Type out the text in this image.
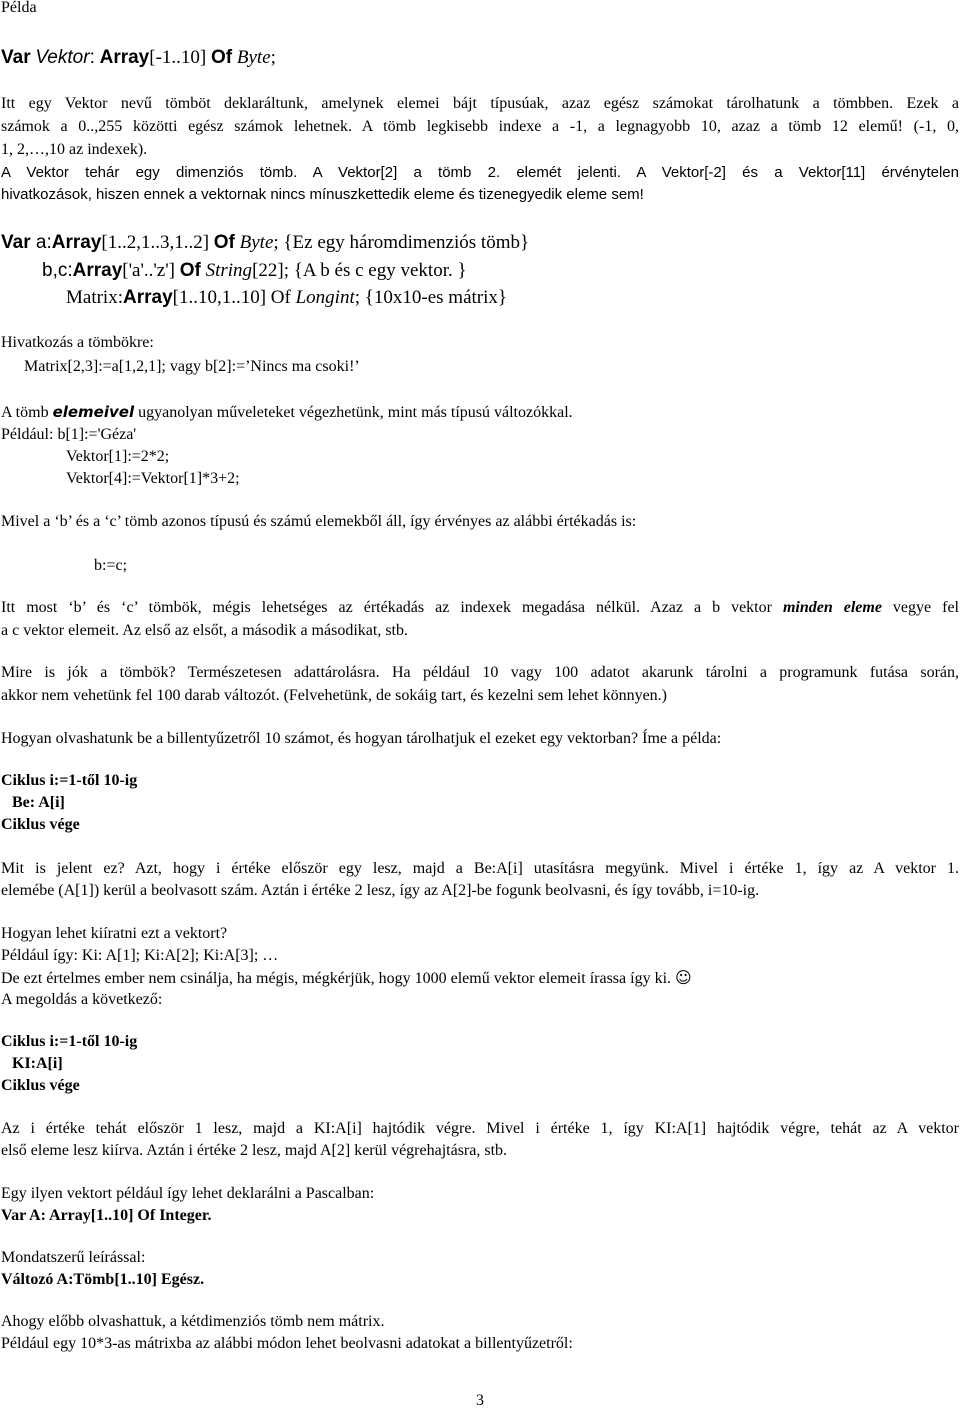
Példa
Var Vektor: Array[-1..10] Of Byte;
Itt egy Vektor nevű tömböt deklaráltunk, amelynek elemei bájt típusúak, azaz egész számokat tárolhatunk a tömbben. Ezek a
számok a 0..,255 közötti egész számok lehetnek. A tömb legkisebb indexe a -1, a legnagyobb 10, azaz a tömb 12 elemű! (-1, 0,
1, 2,…,10 az indexek).
A Vektor tehár egy dimenziós tömb. A Vektor[2] a tömb 2. elemét jelenti. A Vektor[-2] és a Vektor[11] érvénytelen
hivatkozások, hiszen ennek a vektornak nincs mínuszkettedik eleme és tizenegyedik eleme sem!
Var a:Array[1..2,1..3,1..2] Of Byte; {Ez egy háromdimenziós tömb}
b,c:Array['a'..'z'] Of String[22]; {A b és c egy vektor. }
Matrix:Array[1..10,1..10] Of Longint; {10x10-es mátrix}
Hivatkozás a tömbökre:
Matrix[2,3]:=a[1,2,1]; vagy b[2]:=’Nincs ma csoki!’
A tömb elemeivel ugyanolyan műveleteket végezhetünk, mint más típusú változókkal.
Például: b[1]:='Géza'
Vektor[1]:=2*2;
Vektor[4]:=Vektor[1]*3+2;
Mivel a ‘b’ és a ‘c’ tömb azonos típusú és számú elemekből áll, így érvényes az alábbi értékadás is:
b:=c;
Itt most ‘b’ és ‘c’ tömbök, mégis lehetséges az értékadás az indexek megadása nélkül. Azaz a b vektor minden eleme vegye fel
a c vektor elemeit. Az első az elsőt, a második a másodikat, stb.
Mire is jók a tömbök? Természetesen adattárolásra. Ha például 10 vagy 100 adatot akarunk tárolni a programunk futása során,
akkor nem vehetünk fel 100 darab változót. (Felvehetünk, de sokáig tart, és kezelni sem lehet könnyen.)
Hogyan olvashatunk be a billentyűzetről 10 számot, és hogyan tárolhatjuk el ezeket egy vektorban? Íme a példa:
Ciklus i:=1-től 10-ig
Be: A[i]
Ciklus vége
Mit is jelent ez? Azt, hogy i értéke először egy lesz, majd a Be:A[i] utasításra megyünk. Mivel i értéke 1, így az A vektor 1.
elemébe (A[1]) kerül a beolvasott szám. Aztán i értéke 2 lesz, így az A[2]-be fogunk beolvasni, és így tovább, i=10-ig.
Hogyan lehet kiíratni ezt a vektort?
Például így: Ki: A[1]; Ki:A[2]; Ki:A[3]; …
De ezt értelmes ember nem csinálja, ha mégis, mégkérjük, hogy 1000 elemű vektor elemeit írassa így ki. ☺
A megoldás a következő:
Ciklus i:=1-től 10-ig
KI:A[i]
Ciklus vége
Az i értéke tehát először 1 lesz, majd a KI:A[i] hajtódik végre. Mivel i értéke 1, így KI:A[1] hajtódik végre, tehát az A vektor
első eleme lesz kiírva. Aztán i értéke 2 lesz, majd A[2] kerül végrehajtásra, stb.
Egy ilyen vektort például így lehet deklarálni a Pascalban:
Var A: Array[1..10] Of Integer.
Mondatszerű leírással:
Változó A:Tömb[1..10] Egész.
Ahogy előbb olvashattuk, a kétdimenziós tömb nem mátrix.
Például egy 10*3-as mátrixba az alábbi módon lehet beolvasni adatokat a billentyűzetről:
3
